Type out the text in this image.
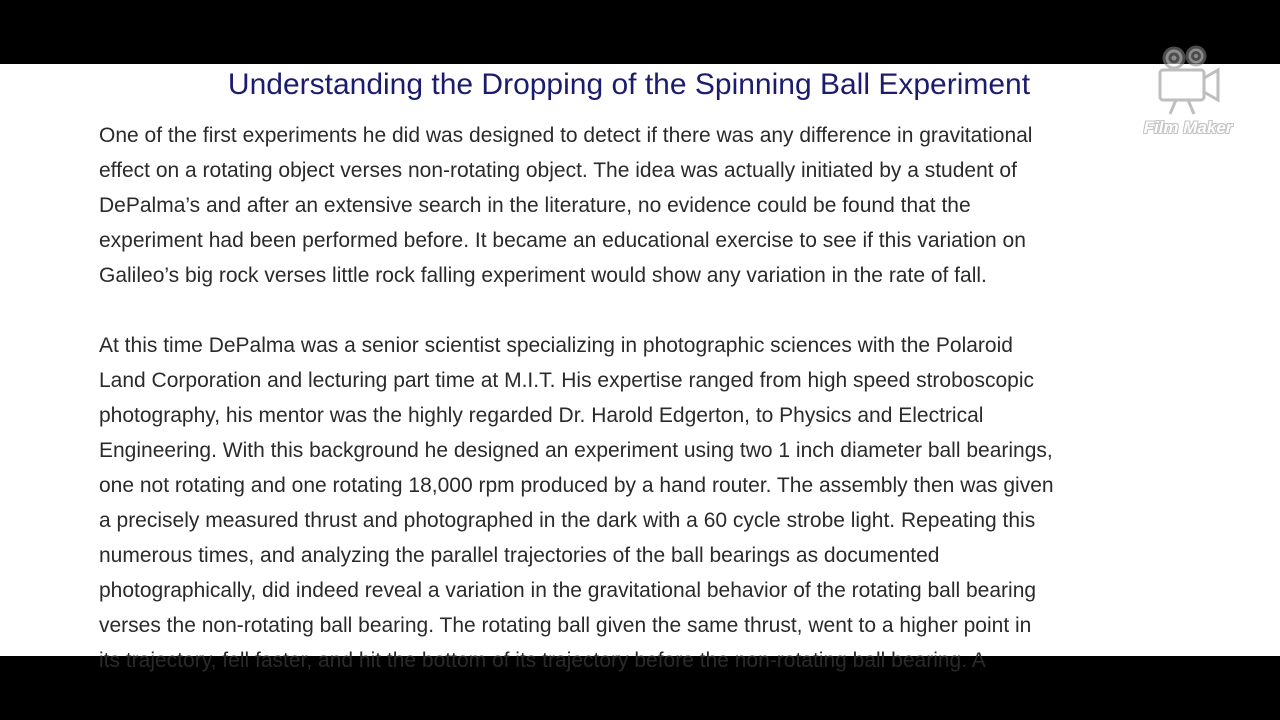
Understanding the Dropping of the Spinning Ball Experiment
One of the first experiments he did was designed to detect if there was any difference in gravitational
effect on a rotating object verses non-rotating object. The idea was actually initiated by a student of
DePalma’s and after an extensive search in the literature, no evidence could be found that the
experiment had been performed before. It became an educational exercise to see if this variation on
Galileo’s big rock verses little rock falling experiment would show any variation in the rate of fall.
At this time DePalma was a senior scientist specializing in photographic sciences with the Polaroid
Land Corporation and lecturing part time at M.I.T. His expertise ranged from high speed stroboscopic
photography, his mentor was the highly regarded Dr. Harold Edgerton, to Physics and Electrical
Engineering. With this background he designed an experiment using two 1 inch diameter ball bearings,
one not rotating and one rotating 18,000 rpm produced by a hand router. The assembly then was given
a precisely measured thrust and photographed in the dark with a 60 cycle strobe light. Repeating this
numerous times, and analyzing the parallel trajectories of the ball bearings as documented
photographically, did indeed reveal a variation in the gravitational behavior of the rotating ball bearing
verses the non-rotating ball bearing. The rotating ball given the same thrust, went to a higher point in
its trajectory, fell faster, and hit the bottom of its trajectory before the non-rotating ball bearing. A
Film Maker
